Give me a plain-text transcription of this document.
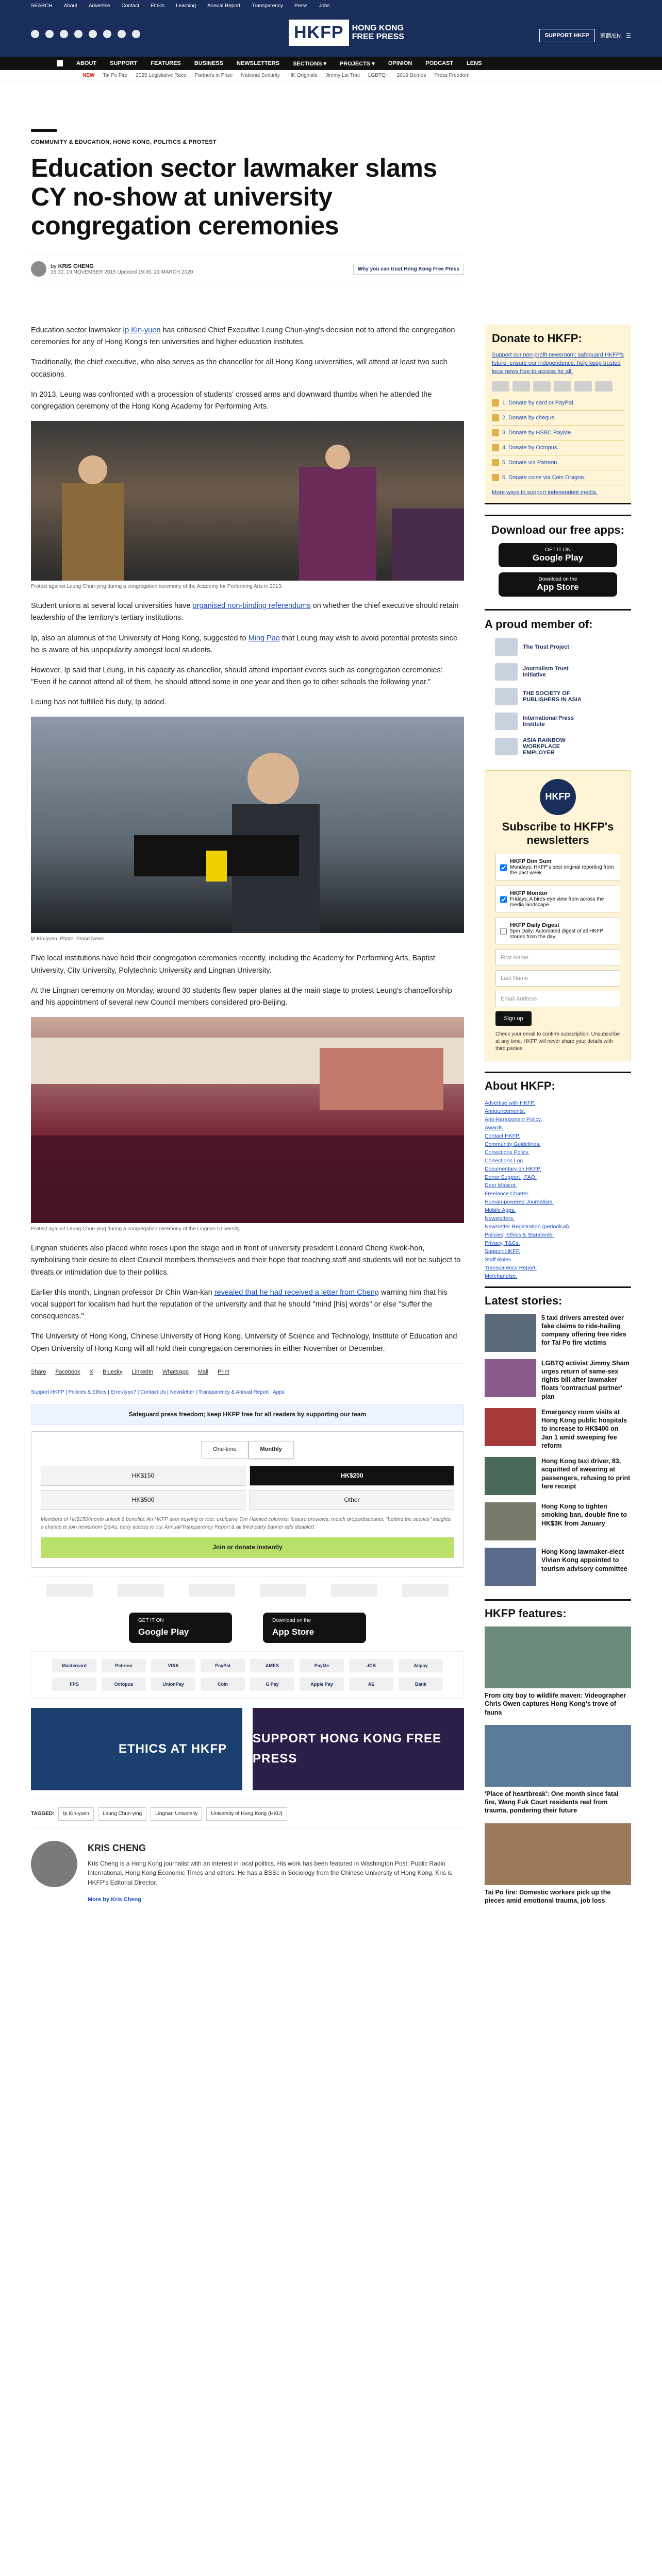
SEARCH About Advertise Contact Ethics Learning Annual Report Transparency Press Jobs
HKFP	HONG KONG
FREE PRESS	SUPPORT HKFP	繁體/EN ☰
ABOUT SUPPORT FEATURES BUSINESS NEWSLETTERS SECTIONS ▾ PROJECTS ▾ OPINION PODCAST LENS
NEW Tai Po Fire 2025 Legislative Race Partners in Prize National Security HK Originals Jimmy Lai Trial LGBTQ+ 2019 Demos Press Freedom
COMMUNITY & EDUCATION, HONG KONG, POLITICS & PROTEST
Education sector lawmaker slams CY no-show at university congregation ceremonies
by KRIS CHENG
15:32, 19 NOVEMBER 2015 Updated 19:45, 21 MARCH 2020
Why you can trust Hong Kong Free Press

Education sector lawmaker Ip Kin-yuen has criticised Chief Executive Leung Chun-ying's decision not to attend the congregation ceremonies for any of Hong Kong's ten universities and higher education institutes.

Traditionally, the chief executive, who also serves as the chancellor for all Hong Kong universities, will attend at least two such occasions.

In 2013, Leung was confronted with a procession of students' crossed arms and downward thumbs when he attended the congregation ceremony of the Hong Kong Academy for Performing Arts.

Protest against Leung Chun-ying during a congregation ceremony of the Academy for Performing Arts in 2013.

Student unions at several local universities have organised non-binding referendums on whether the chief executive should retain leadership of the territory's tertiary institutions.

Ip, also an alumnus of the University of Hong Kong, suggested to Ming Pao that Leung may wish to avoid potential protests since he is aware of his unpopularity amongst local students.

However, Ip said that Leung, in his capacity as chancellor, should attend important events such as congregation ceremonies: "Even if he cannot attend all of them, he should attend some in one year and then go to other schools the following year."

Leung has not fulfilled his duty, Ip added.

Ip Kin-yuen. Photo: Stand News.

Five local institutions have held their congregation ceremonies recently, including the Academy for Performing Arts, Baptist University, City University, Polytechnic University and Lingnan University.

At the Lingnan ceremony on Monday, around 30 students flew paper planes at the main stage to protest Leung's chancellorship and his appointment of several new Council members considered pro-Beijing.

Protest against Leung Chun-ying during a congregation ceremony of the Lingnan University.

Lingnan students also placed white roses upon the stage and in front of university president Leonard Cheng Kwok-hon, symbolising their desire to elect Council members themselves and their hope that teaching staff and students will not be subject to threats or intimidation due to their politics.

Earlier this month, Lingnan professor Dr Chin Wan-kan revealed that he had received a letter from Cheng warning him that his vocal support for localism had hurt the reputation of the university and that he should "mind [his] words" or else "suffer the consequences."

The University of Hong Kong, Chinese University of Hong Kong, University of Science and Technology, Institute of Education and Open University of Hong Kong will all hold their congregation ceremonies in either November or December.

Share Facebook X Bluesky LinkedIn WhatsApp Mail Print
Support HKFP | Policies & Ethics | Error/typo? | Contact Us | Newsletter | Transparency & Annual Report | Apps
Safeguard press freedom; keep HKFP free for all readers by supporting our team
One-time	Monthly
HK$150	HK$200
HK$500	Other
Members of HK$150/month unlock 6 benefits: An HKFP deer keyring or tote; exclusive Tim Hamlett columns; feature previews; merch drops/discounts; "behind the scenes" insights; a chance to join newsroom Q&As; early access to our Annual/Transparency Report & all third-party banner ads disabled.
Join or donate instantly
GET IT ON
Google Play
Download on the
App Store
Mastercard	Patreon	VISA	PayPal	AMEX	PayMe	JCB	Alipay
FPS	Octopus	UnionPay	Coin	G Pay	Apple Pay	AE	Bank
ETHICS AT HKFP
SUPPORT HONG KONG FREE PRESS
TAGGED:	Ip Kin-yuen	Leung Chun-ying	Lingnan University	University of Hong Kong (HKU)
KRIS CHENG

Kris Cheng is a Hong Kong journalist with an interest in local politics. His work has been featured in Washington Post, Public Radio International, Hong Kong Economic Times and others. He has a BSSc in Sociology from the Chinese University of Hong Kong. Kris is HKFP's Editorial Director.

More by Kris Cheng
Donate to HKFP:

Support our non-profit newsroom: safeguard HKFP's future, ensure our independence, help keep trusted local news free-to-access for all.

1. Donate by card or PayPal.
2. Donate by cheque.
3. Donate by HSBC PayMe.
4. Donate by Octopus.
5. Donate via Patreon.
6. Donate coins via Coin Dragon.
More ways to support independent media.
Download our free apps:
GET IT ON
Google Play
Download on the
App Store
A proud member of:
The Trust Project
Journalism Trust Initiative
THE SOCIETY OF PUBLISHERS IN ASIA
International Press Institute
ASIA RAINBOW WORKPLACE EMPLOYER
HKFP
Subscribe to HKFP's newsletters
HKFP Dim Sum
Mondays: HKFP's best original reporting from the past week.
HKFP Monitor
Fridays: A birds-eye view from across the media landscape.
HKFP Daily Digest
5pm Daily: Automated digest of all HKFP stories from the day.
First Name
Last Name
Email Address
Sign up
Check your email to confirm subscription. Unsubscribe at any time. HKFP will never share your details with third parties.
About HKFP:
Advertise with HKFP.
Announcements.
Anti-Harassment Policy.
Awards.
Contact HKFP.
Community Guidelines.
Corrections Policy.
Corrections Log.
Documentary on HKFP.
Donor Support | FAQ.
Deer Mascot.
Freelance Charter.
Human-powered Journalism.
Mobile Apps.
Newsletters.
Newsletter Registration (periodical).
Policies, Ethics & Standards.
Privacy, T&Cs.
Support HKFP.
Staff Roles.
Transparency Report.
Merchandise.
Latest stories:
5 taxi drivers arrested over fake claims to ride-hailing company offering free rides for Tai Po fire victims
LGBTQ activist Jimmy Sham urges return of same-sex rights bill after lawmaker floats 'contractual partner' plan
Emergency room visits at Hong Kong public hospitals to increase to HK$400 on Jan 1 amid sweeping fee reform
Hong Kong taxi driver, 83, acquitted of swearing at passengers, refusing to print fare receipt
Hong Kong to tighten smoking ban, double fine to HK$3K from January
Hong Kong lawmaker-elect Vivian Kong appointed to tourism advisory committee
HKFP features:
From city boy to wildlife maven: Videographer Chris Owen captures Hong Kong's trove of fauna
'Place of heartbreak': One month since fatal fire, Wang Fuk Court residents reel from trauma, pondering their future
Tai Po fire: Domestic workers pick up the pieces amid emotional trauma, job loss
